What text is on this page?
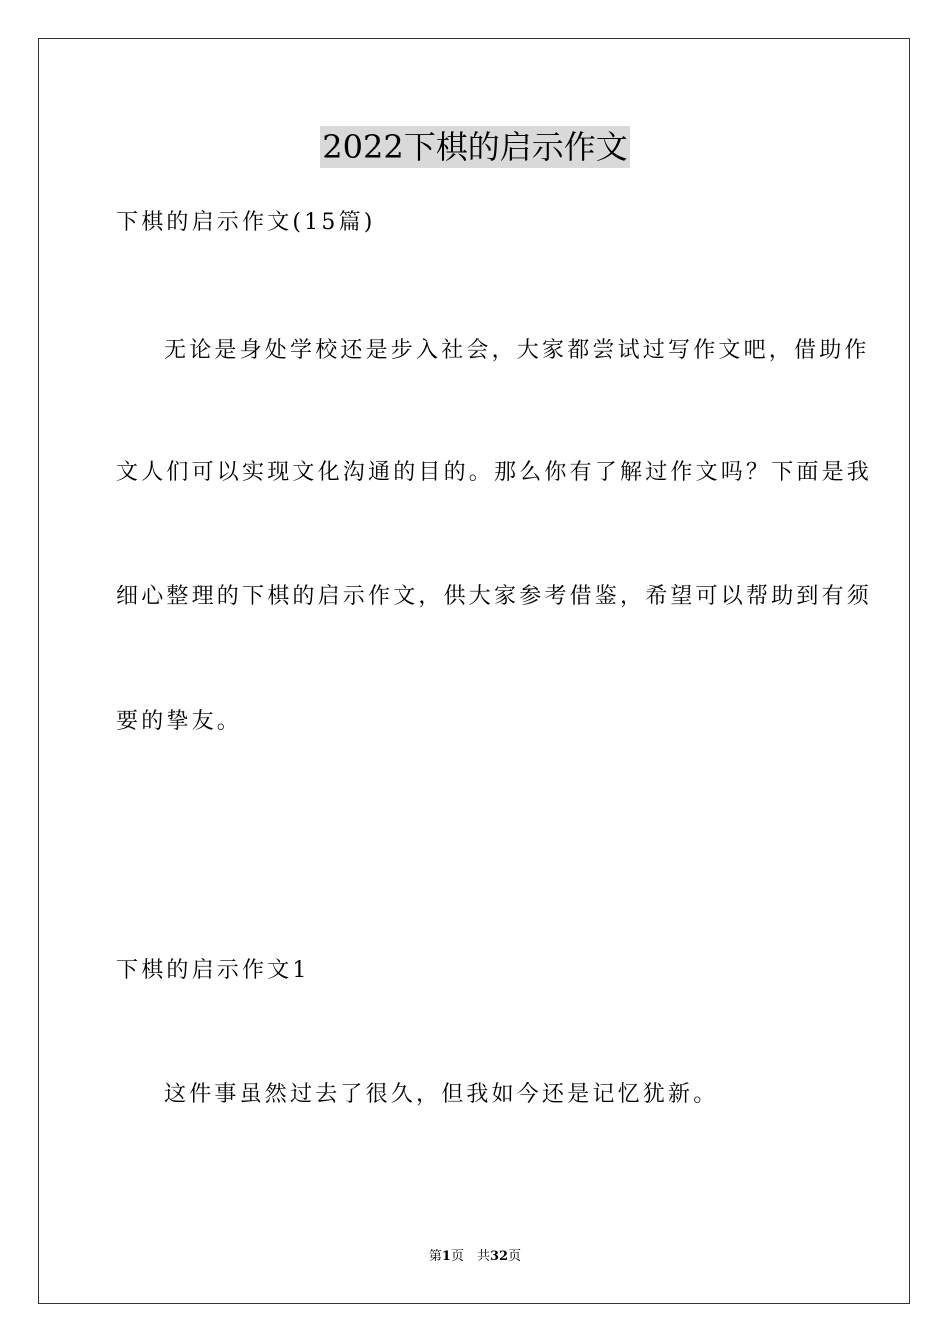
2022下棋的启示作文
下棋的启示作文(15篇)
无论是身处学校还是步入社会，大家都尝试过写作文吧，借助作
文人们可以实现文化沟通的目的。那么你有了解过作文吗？下面是我
细心整理的下棋的启示作文，供大家参考借鉴，希望可以帮助到有须
要的挚友。
下棋的启示作文1
这件事虽然过去了很久，但我如今还是记忆犹新。
第1页　共32页
